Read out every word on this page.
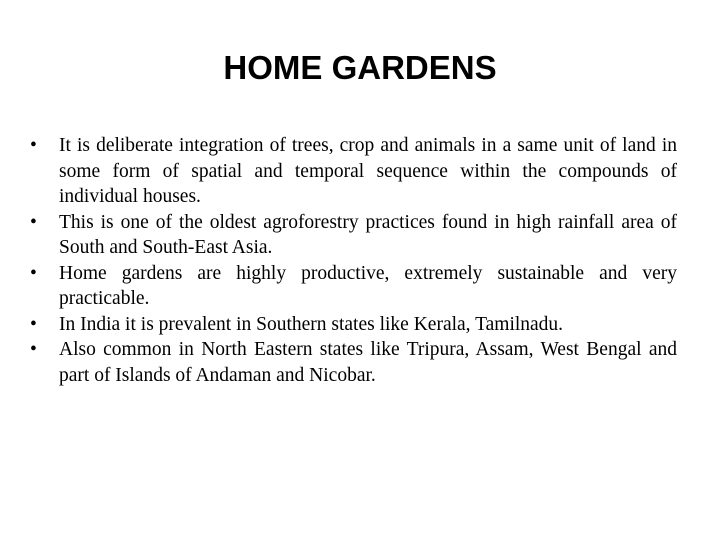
HOME GARDENS
• It is deliberate integration of trees, crop and animals in a same unit of land in some form of spatial and temporal sequence within the compounds of individual houses.
• This is one of the oldest agroforestry practices found in high rainfall area of South and South-East Asia.
• Home gardens are highly productive, extremely sustainable and very practicable.
• In India it is prevalent in Southern states like Kerala, Tamilnadu.
• Also common in North Eastern states like Tripura, Assam, West Bengal and part of Islands of Andaman and Nicobar.
